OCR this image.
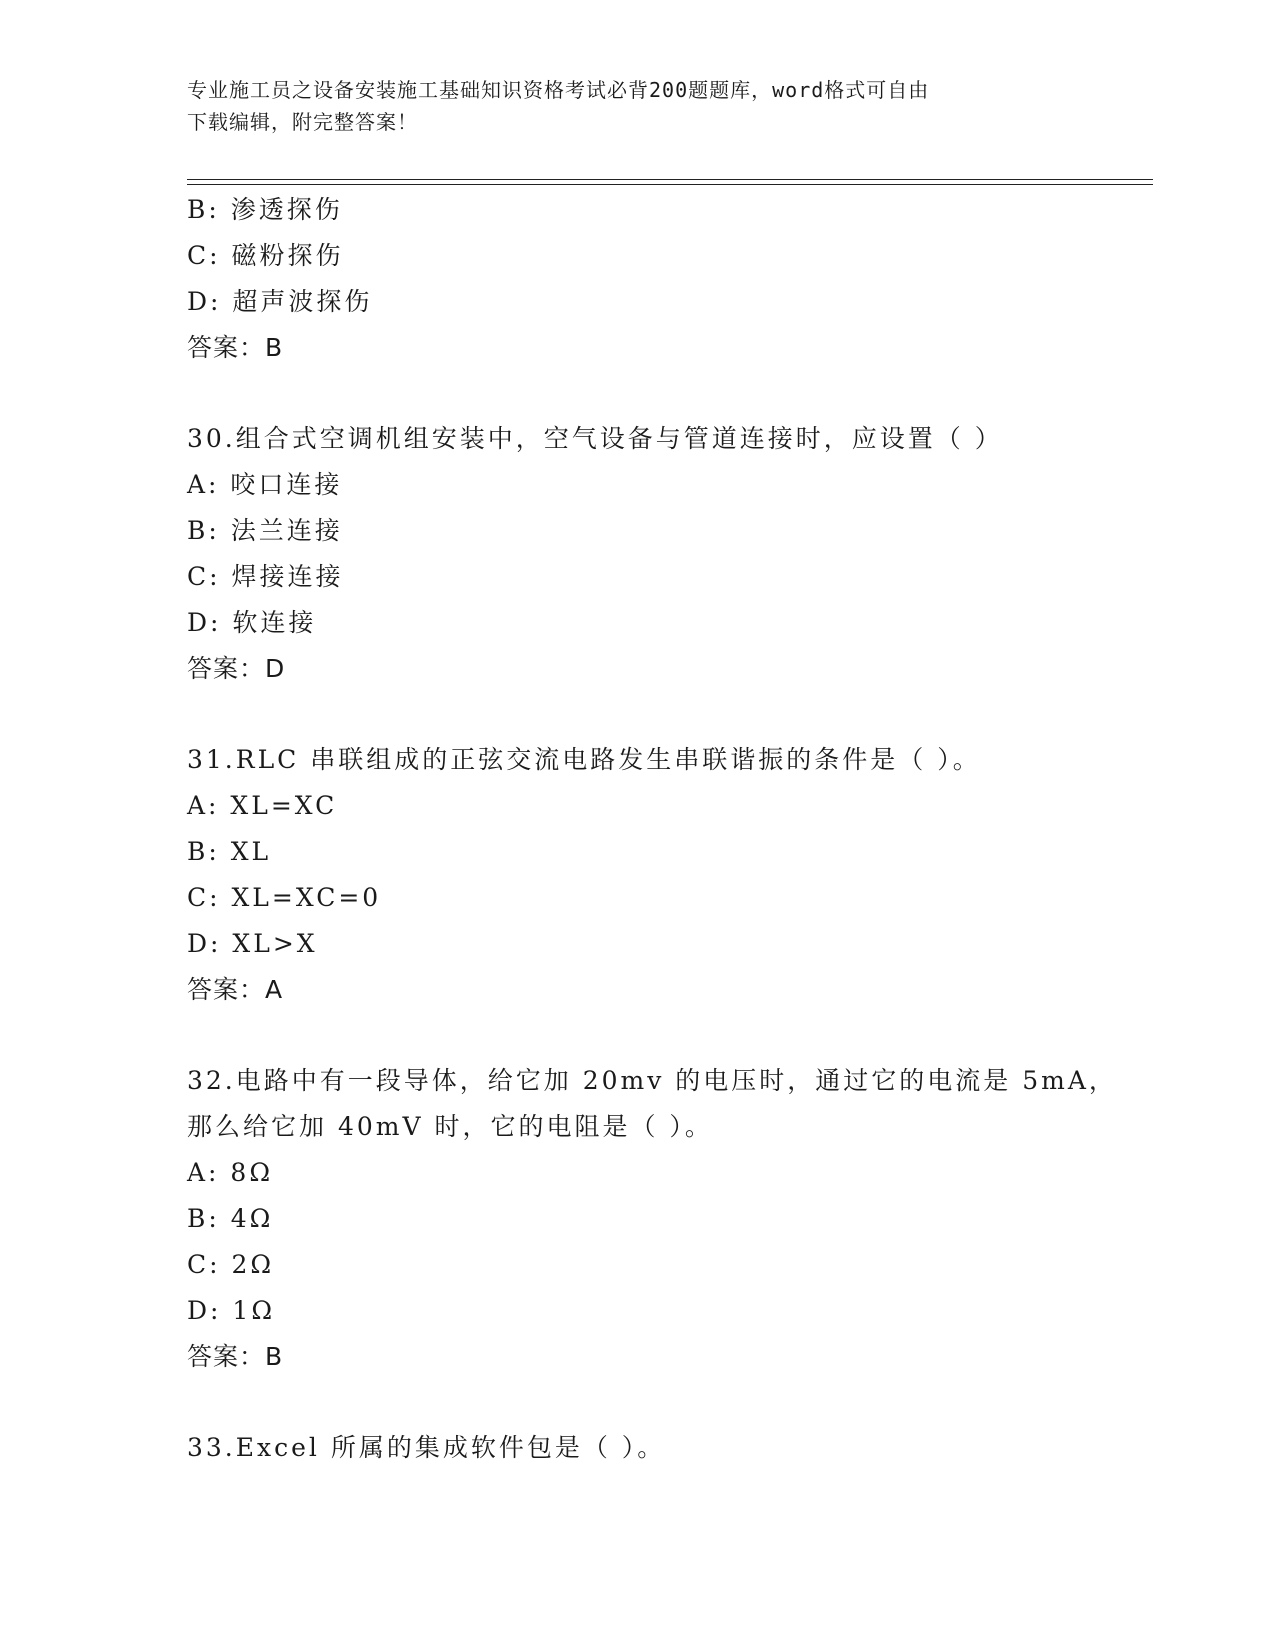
专业施工员之设备安装施工基础知识资格考试必背200题题库，word格式可自由
下载编辑，附完整答案！
B: 渗透探伤
C: 磁粉探伤
D: 超声波探伤
答案：B
30.组合式空调机组安装中，空气设备与管道连接时，应设置（ ）
A: 咬口连接
B: 法兰连接
C: 焊接连接
D: 软连接
答案：D
31.RLC 串联组成的正弦交流电路发生串联谐振的条件是（ ）。
A: XL=XC
B: XL
C: XL=XC=0
D: XL>X
答案：A
32.电路中有一段导体，给它加 20mv 的电压时，通过它的电流是 5mA，
那么给它加 40mV 时，它的电阻是（ ）。
A: 8Ω
B: 4Ω
C: 2Ω
D: 1Ω
答案：B
33.Excel 所属的集成软件包是（ ）。
